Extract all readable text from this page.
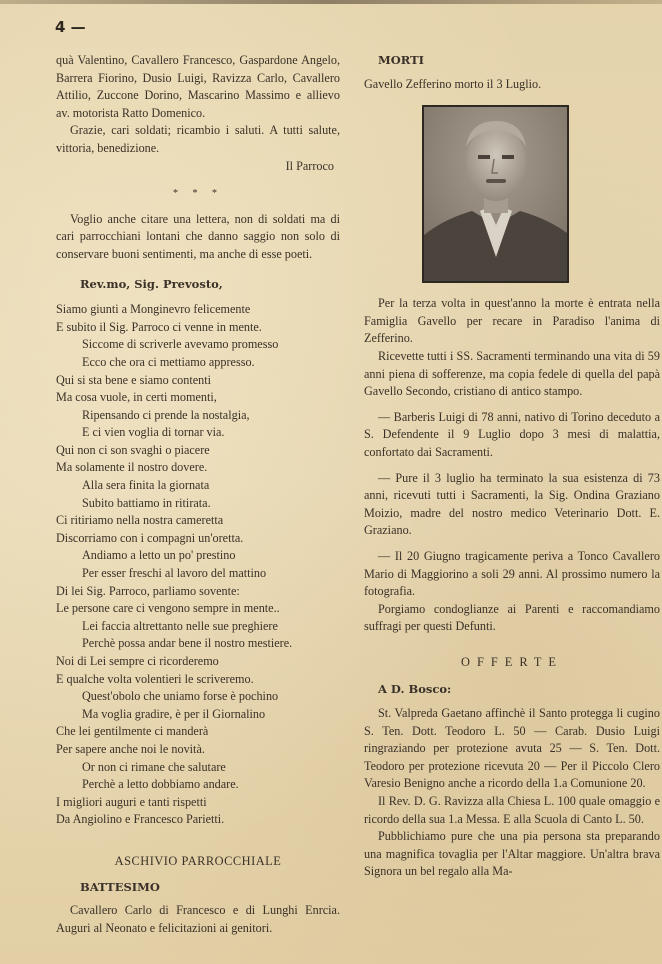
4 —

quà Valentino, Cavallero Francesco, Gaspardone Angelo, Barrera Fiorino, Dusio Luigi, Ravizza Carlo, Cavallero Attilio, Zuccone Dorino, Mascarino Massimo e allievo av. motorista Ratto Domenico.

Grazie, cari soldati; ricambio i saluti. A tutti salute, vittoria, benedizione.

Il Parroco

* * *

Voglio anche citare una lettera, non di soldati ma di cari parrocchiani lontani che danno saggio non solo di conservare buoni sentimenti, ma anche di esse poeti.

Rev.mo, Sig. Prevosto,
Siamo giunti a Monginevro felicemente
E subito il Sig. Parroco ci venne in mente.
Siccome di scriverle avevamo promesso
Ecco che ora ci mettiamo appresso.
Qui si sta bene e siamo contenti
Ma cosa vuole, in certi momenti,
Ripensando ci prende la nostalgia,
E ci vien voglia di tornar via.
Qui non ci son svaghi o piacere
Ma solamente il nostro dovere.
Alla sera finita la giornata
Subito battiamo in ritirata.
Ci ritiriamo nella nostra cameretta
Discorriamo con i compagni un'oretta.
Andiamo a letto un po' prestino
Per esser freschi al lavoro del mattino
Di lei Sig. Parroco, parliamo sovente:
Le persone care ci vengono sempre in mente..
Lei faccia altrettanto nelle sue preghiere
Perchè possa andar bene il nostro mestiere.
Noi di Lei sempre ci ricorderemo
E qualche volta volentieri le scriveremo.
Quest'obolo che uniamo forse è pochino
Ma voglia gradire, è per il Giornalino
Che lei gentilmente ci manderà
Per sapere anche noi le novità.
Or non ci rimane che salutare
Perchè a letto dobbiamo andare.
I migliori auguri e tanti rispetti
Da Angiolino e Francesco Parietti.
ASCHIVIO PARROCCHIALE
BATTESIMO

Cavallero Carlo di Francesco e di Lunghi Enrcia. Auguri al Neonato e felicitazioni ai genitori.

MORTI

Gavello Zefferino morto il 3 Luglio.

Per la terza volta in quest'anno la morte è entrata nella Famiglia Gavello per recare in Paradiso l'anima di Zefferino.

Ricevette tutti i SS. Sacramenti terminando una vita di 59 anni piena di sofferenze, ma copia fedele di quella del papà Gavello Secondo, cristiano di antico stampo.

— Barberis Luigi di 78 anni, nativo di Torino deceduto a S. Defendente il 9 Luglio dopo 3 mesi di malattia, confortato dai Sacramenti.

— Pure il 3 luglio ha terminato la sua esistenza di 73 anni, ricevuti tutti i Sacramenti, la Sig. Ondina Graziano Moizio, madre del nostro medico Veterinario Dott. E. Graziano.

— Il 20 Giugno tragicamente periva a Tonco Cavallero Mario di Maggiorino a soli 29 anni. Al prossimo numero la fotografia.

Porgiamo condoglianze ai Parenti e raccomandiamo suffragi per questi Defunti.

OFFERTE
A D. Bosco:

St. Valpreda Gaetano affinchè il Santo protegga li cugino S. Ten. Dott. Teodoro L. 50 — Carab. Dusio Luigi ringraziando per protezione avuta 25 — S. Ten. Dott. Teodoro per protezione ricevuta 20 — Per il Piccolo Clero Varesio Benigno anche a ricordo della 1.a Comunione 20.

Il Rev. D. G. Ravizza alla Chiesa L. 100 quale omaggio e ricordo della sua 1.a Messa. E alla Scuola di Canto L. 50.

Pubblichiamo pure che una pia persona sta preparando una magnifica tovaglia per l'Altar maggiore. Un'altra brava Signora un bel regalo alla Ma-
